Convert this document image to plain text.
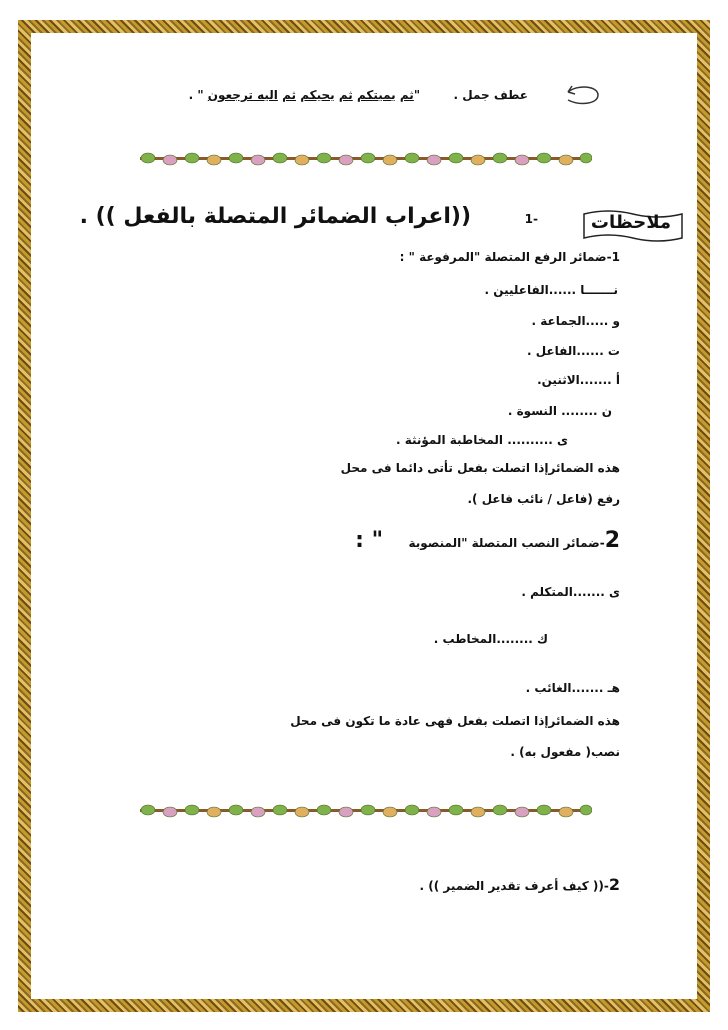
عطف جمل .        "ثم يميتكم ثم يحيكم ثم اليه ترجعون " .
ملاحظات
-1       ((اعراب الضمائر المتصلة بالفعل )) .
1-ضمائر الرفع المتصلة "المرفوعة " :
نـــــــا ......الفاعليين .
و .....الجماعة .
ت ......الفاعل .
أ .......الاثنين.
ن ........ النسوة .
ى .......... المخاطبة المؤنثة .
هذه الضمائرإذا اتصلت بفعل تأتى دائما فى محل
رفع (فاعل / نائب فاعل ).
2-ضمائر النصب المتصلة "المنصوبة     " :
ى .......المتكلم .
ك ........المخاطب .
هـ .......الغائب .
هذه الضمائرإذا اتصلت بفعل فهى عادة ما تكون فى محل
نصب( مفعول به) .
2-(( كيف أعرف تقدير الضمير )) .
